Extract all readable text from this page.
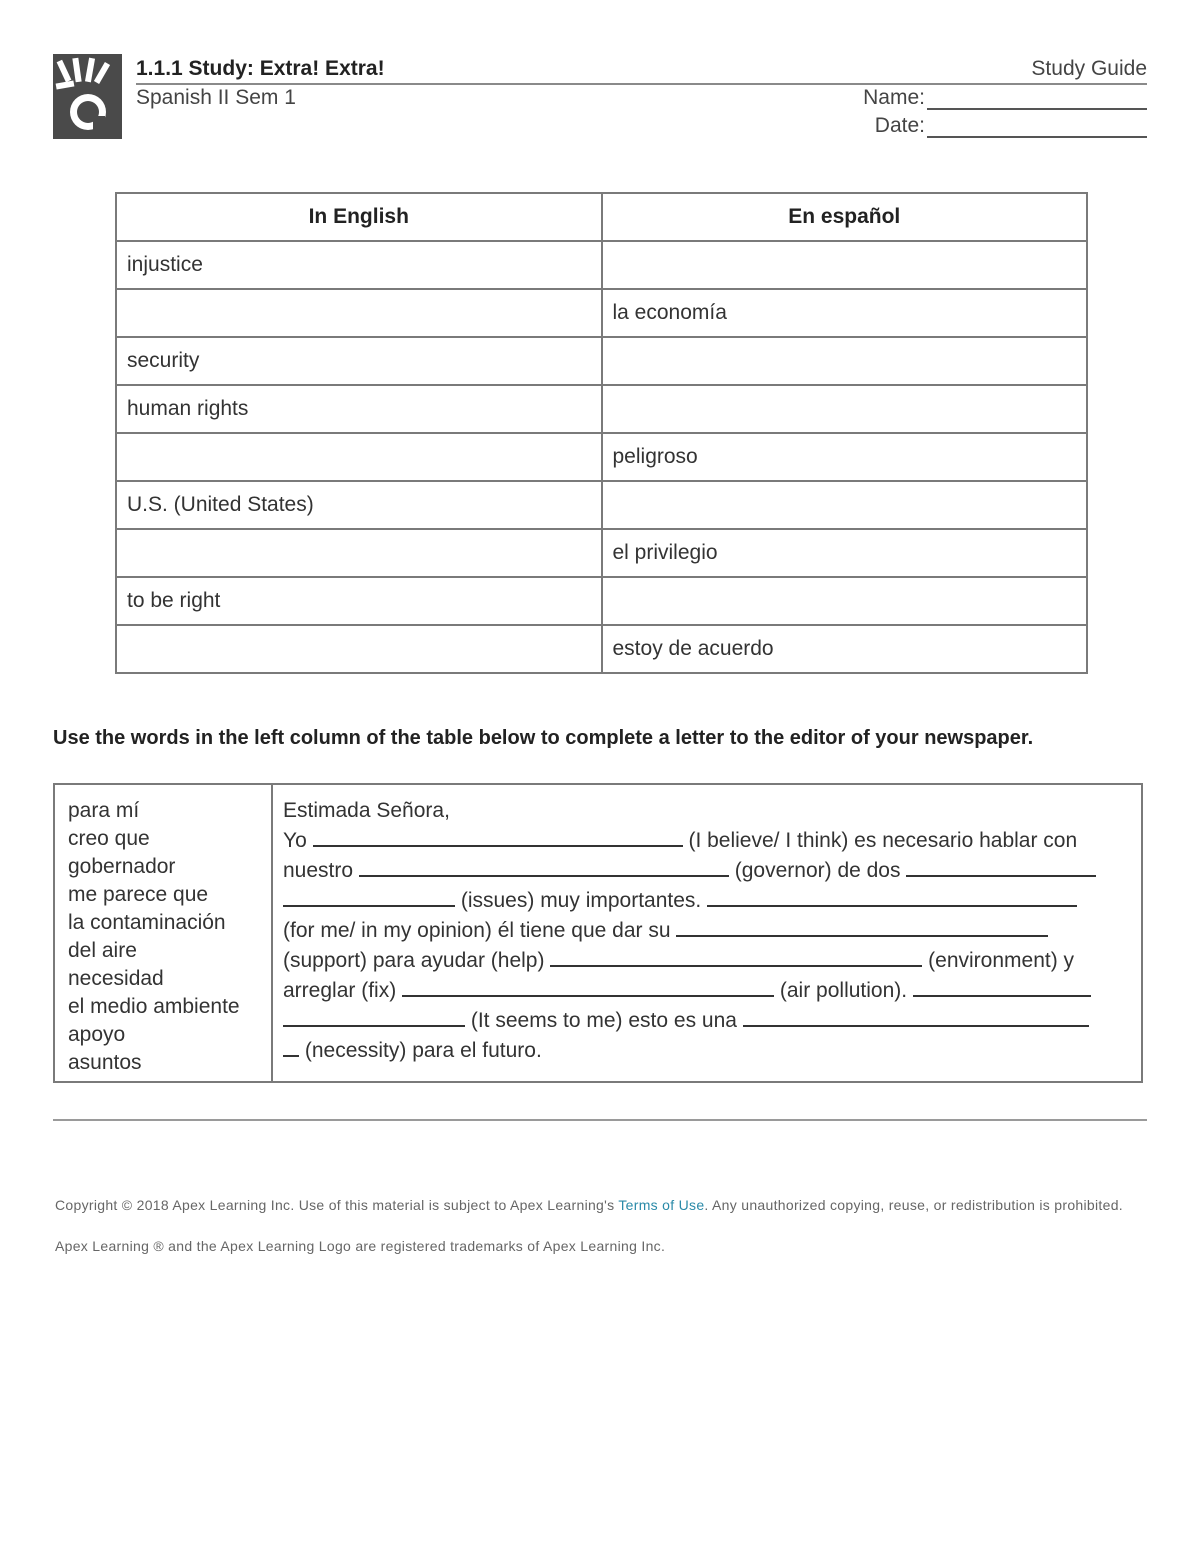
1.1.1 Study: Extra! Extra!	Study Guide
Spanish II Sem 1	Name:
Date:
In English	En español
injustice	
	la economía
security	
human rights	
	peligroso
U.S. (United States)	
	el privilegio
to be right	
	estoy de acuerdo
Use the words in the left column of the table below to complete a letter to the editor of your newspaper.
para mí
creo que
gobernador
me parece que
la contaminación
del aire
necesidad
el medio ambiente
apoyo
asuntos
Estimada Señora,
Yo	(I believe/ I think) es necesario hablar con
nuestro	(governor) de dos
(issues) muy importantes.
(for me/ in my opinion) él tiene que dar su
(support) para ayudar (help)	(environment) y
arreglar (fix)	(air pollution).
(It seems to me) esto es una
(necessity) para el futuro.
Copyright © 2018 Apex Learning Inc. Use of this material is subject to Apex Learning's Terms of Use. Any unauthorized copying, reuse, or redistribution is prohibited. Apex Learning ® and the Apex Learning Logo are registered trademarks of Apex Learning Inc.
